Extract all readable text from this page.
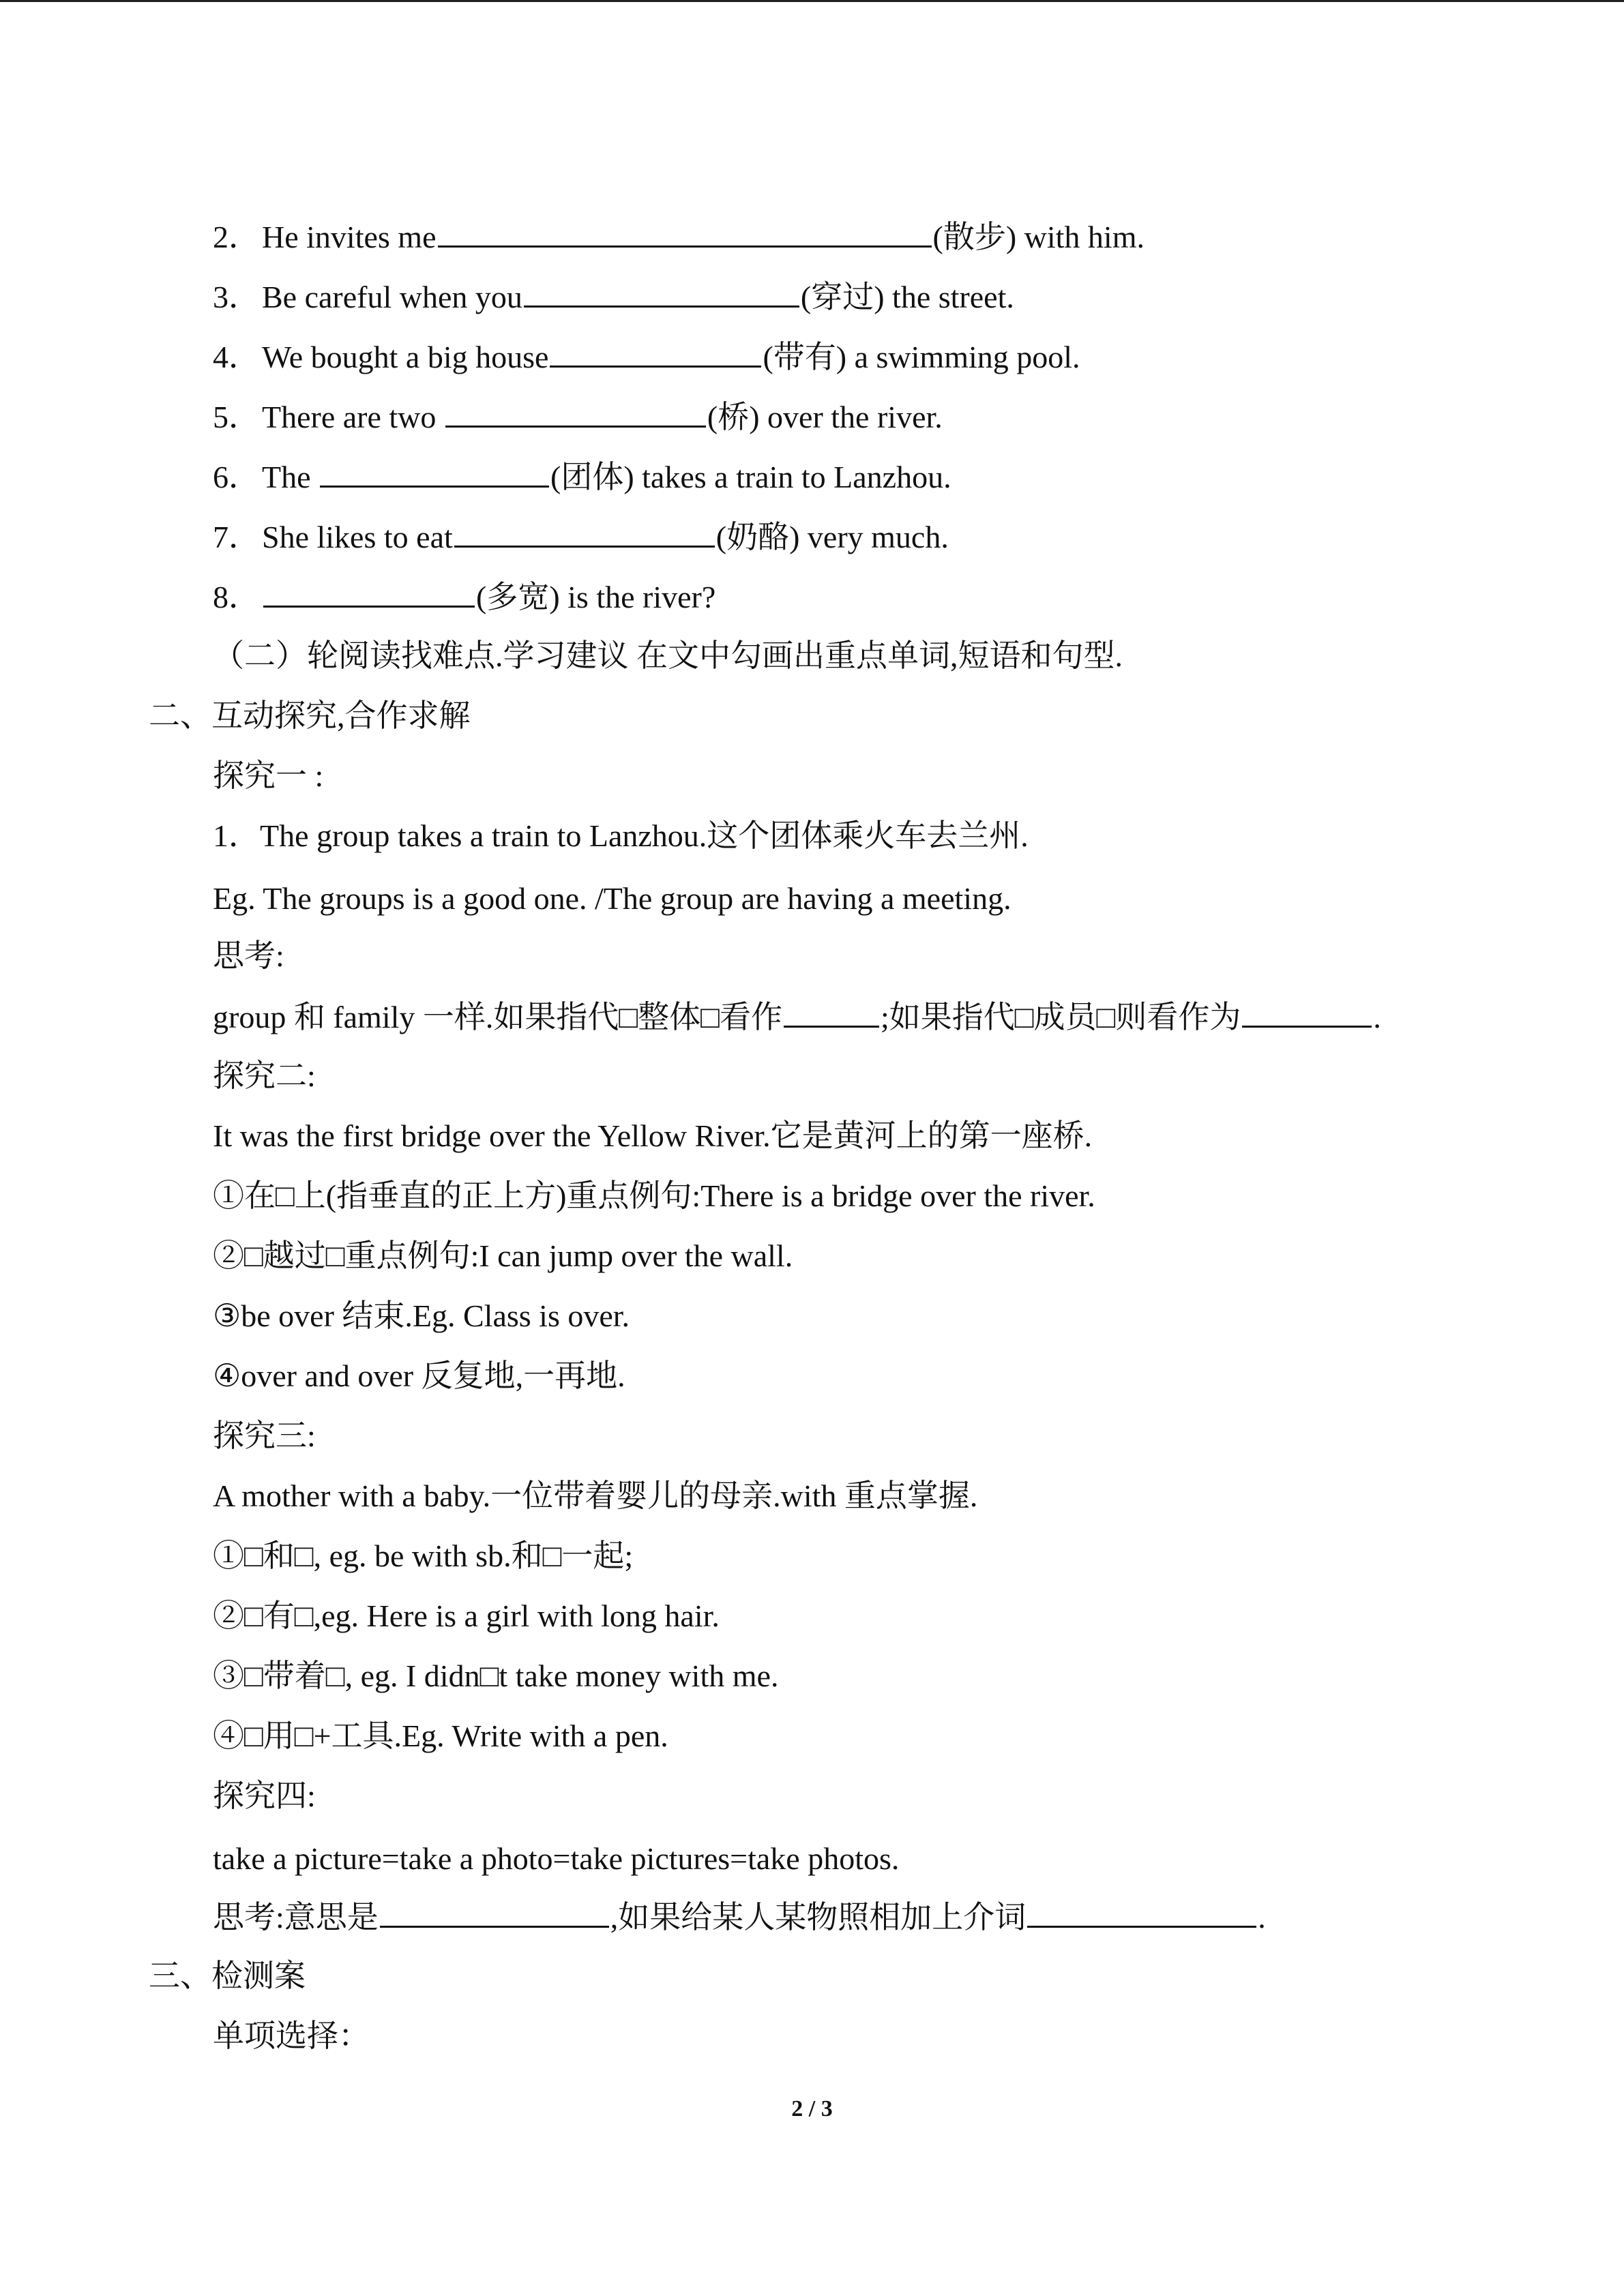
2．He invites me	(散步) with him.
3．Be careful when you	(穿过) the street.
4．We bought a big house	(带有) a swimming pool.
5．There are two	(桥) over the river.
6．The	(团体) takes a train to Lanzhou.
7．She likes to eat	(奶酪) very much.
8．	(多宽) is the river?
（二）轮阅读找难点.学习建议 在文中勾画出重点单词,短语和句型.
二、互动探究,合作求解
探究一 :
1．The group takes a train to Lanzhou.这个团体乘火车去兰州.
Eg. The groups is a good one. /The group are having a meeting.
思考:
group 和 family 一样.如果指代□整体□看作	;如果指代□成员□则看作为	.
探究二:
It was the first bridge over the Yellow River.它是黄河上的第一座桥.
①在□上(指垂直的正上方)重点例句:There is a bridge over the river.
②□越过□重点例句:I can jump over the wall.
③be over 结束.Eg. Class is over.
④over and over 反复地,一再地.
探究三:
A mother with a baby.一位带着婴儿的母亲.with 重点掌握.
①□和□, eg. be with sb.和□一起;
②□有□,eg. Here is a girl with long hair.
③□带着□, eg. I didn□t take money with me.
④□用□+工具.Eg. Write with a pen.
探究四:
take a picture=take a photo=take pictures=take photos.
思考:意思是	,如果给某人某物照相加上介词	.
三、检测案
单项选择：
2 / 3
